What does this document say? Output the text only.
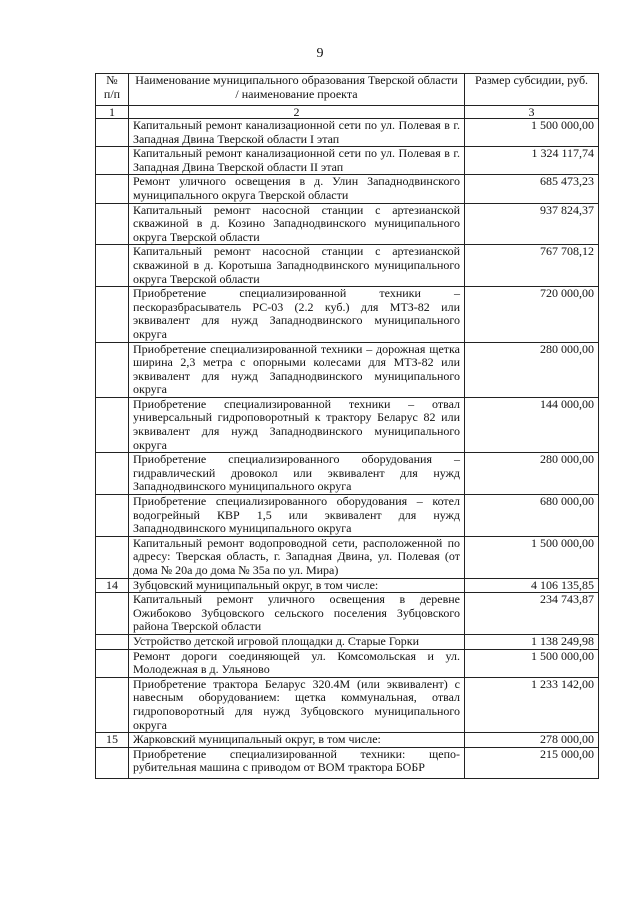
9
№ п/п	Наименование муниципального образования Тверской области / наименование проекта	Размер субсидии, руб.
1	2	3
	Капитальный ремонт канализационной сети по ул. Полевая в г. Западная Двина Тверской области I этап	1 500 000,00
	Капитальный ремонт канализационной сети по ул. Полевая в г. Западная Двина Тверской области II этап	1 324 117,74
	Ремонт уличного освещения в д. Улин Западнодвинского муниципального округа Тверской области	685 473,23
	Капитальный ремонт насосной станции с артезианской скважиной в д. Козино Западнодвинского муниципального округа Тверской области	937 824,37
	Капитальный ремонт насосной станции с артезианской скважиной в д. Коротыша Западнодвинского муниципального округа Тверской области	767 708,12
	Приобретение специализированной техники – пескоразбрасыватель РС-03 (2.2 куб.) для МТЗ-82 или эквивалент для нужд Западнодвинского муниципального округа	720 000,00
	Приобретение специализированной техники – дорожная щетка ширина 2,3 метра с опорными колесами для МТЗ-82 или эквивалент для нужд Западнодвинского муниципального округа	280 000,00
	Приобретение специализированной техники – отвал универсальный гидроповоротный к трактору Беларус 82 или эквивалент для нужд Западнодвинского муниципального округа	144 000,00
	Приобретение специализированного оборудования – гидравлический дровокол или эквивалент для нужд Западнодвинского муниципального округа	280 000,00
	Приобретение специализированного оборудования – котел водогрейный КВР 1,5 или эквивалент для нужд Западнодвинского муниципального округа	680 000,00
	Капитальный ремонт водопроводной сети, расположенной по адресу: Тверская область, г. Западная Двина, ул. Полевая (от дома № 20а до дома № 35а по ул. Мира)	1 500 000,00
14	Зубцовский муниципальный округ, в том числе:	4 106 135,85
	Капитальный ремонт уличного освещения в деревне Ожибоково Зубцовского сельского поселения Зубцовского района Тверской области	234 743,87
	Устройство детской игровой площадки д. Старые Горки	1 138 249,98
	Ремонт дороги соединяющей ул. Комсомольская и ул. Молодежная в д. Ульяново	1 500 000,00
	Приобретение трактора Беларус 320.4М (или эквивалент) с навесным оборудованием: щетка коммунальная, отвал гидроповоротный для нужд Зубцовского муниципального округа	1 233 142,00
15	Жарковский муниципальный округ, в том числе:	278 000,00
	Приобретение специализированной техники: щепо-рубительная машина с приводом от ВОМ трактора БОБР	215 000,00
